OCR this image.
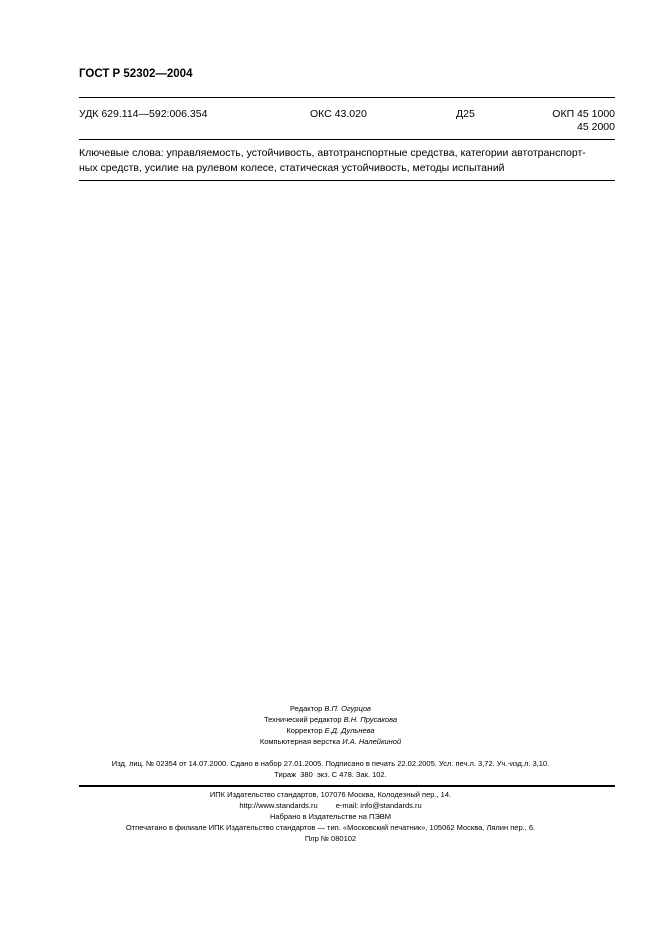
ГОСТ Р 52302—2004
УДК 629.114—592:006.354	ОКС 43.020	Д25	ОКП 45 1000
45 2000
Ключевые слова: управляемость, устойчивость, автотранспортные средства, категории автотранспорт-
ных средств, усилие на рулевом колесе, статическая устойчивость, методы испытаний
Редактор В.П. Огурцов
Технический редактор В.Н. Прусакова
Корректор Е.Д. Дульнева
Компьютерная верстка И.А. Налейкиной
Изд. лиц. № 02354 от 14.07.2000. Сдано в набор 27.01.2005. Подписано в печать 22.02.2005. Усл. печ.л. 3,72. Уч.-изд.л. 3,10.
Тираж  380  экз. С 478. Зак. 102.
ИПК Издательство стандартов, 107076 Москва, Колодезный пер., 14.
http://www.standards.ru e-mail: info@standards.ru
Набрано в Издательстве на ПЭВМ
Отпечатано в филиале ИПК Издательство стандартов — тип. «Московский печатник», 105062 Москва, Лялин пер., 6.
Плр № 080102
